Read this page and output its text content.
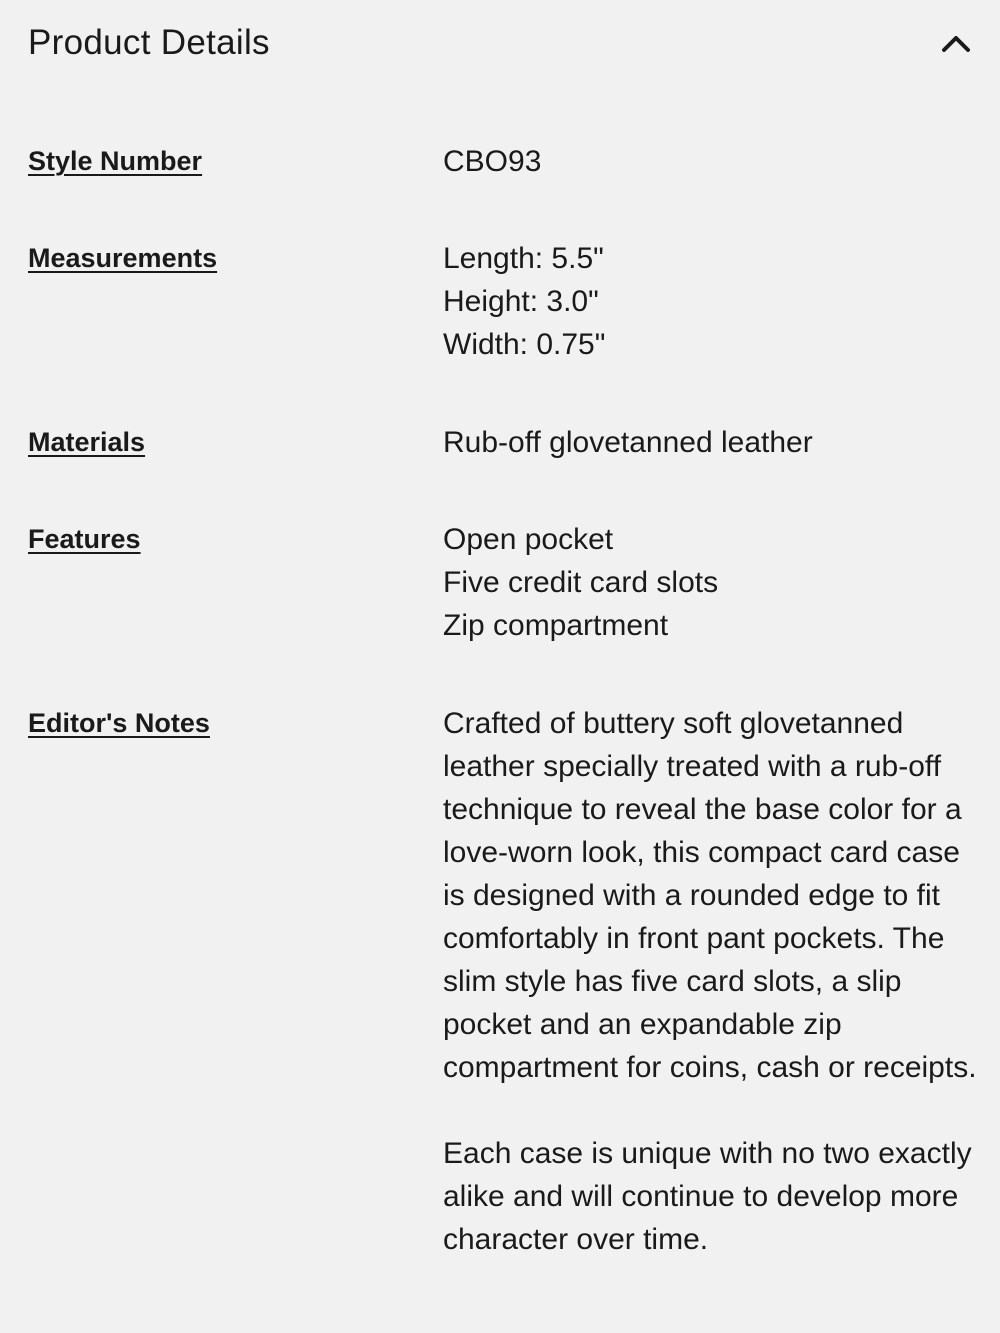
Product Details
Style Number	CBO93
Measurements	Length: 5.5"
Height: 3.0"
Width: 0.75"
Materials	Rub-off glovetanned leather
Features	Open pocket
Five credit card slots
Zip compartment
Editor's Notes	Crafted of buttery soft glovetanned leather specially treated with a rub-off technique to reveal the base color for a love-worn look, this compact card case is designed with a rounded edge to fit comfortably in front pant pockets. The slim style has five card slots, a slip pocket and an expandable zip compartment for coins, cash or receipts.

Each case is unique with no two exactly alike and will continue to develop more character over time.
